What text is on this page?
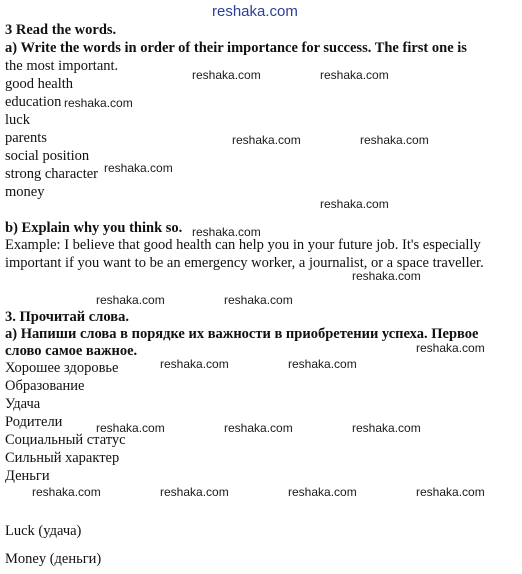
reshaka.com
3 Read the words.
a) Write the words in order of their importance for success. The first one is
the most important.
good health
education
luck
parents
social position
strong character
money
b) Explain why you think so.
Example: I believe that good health can help you in your future job. It's especially
important if you want to be an emergency worker, a journalist, or a space traveller.
3. Прочитай слова.
а) Напиши слова в порядке их важности в приобретении успеха. Первое
слово самое важное.
Хорошее здоровье
Образование
Удача
Родители
Социальный статус
Сильный характер
Деньги
Luck (удача)
Money (деньги)
reshaka.com	reshaka.com
reshaka.com
reshaka.com	reshaka.com
reshaka.com
reshaka.com
reshaka.com
reshaka.com
reshaka.com	reshaka.com
reshaka.com
reshaka.com	reshaka.com
reshaka.com	reshaka.com	reshaka.com
reshaka.com	reshaka.com	reshaka.com	reshaka.com
